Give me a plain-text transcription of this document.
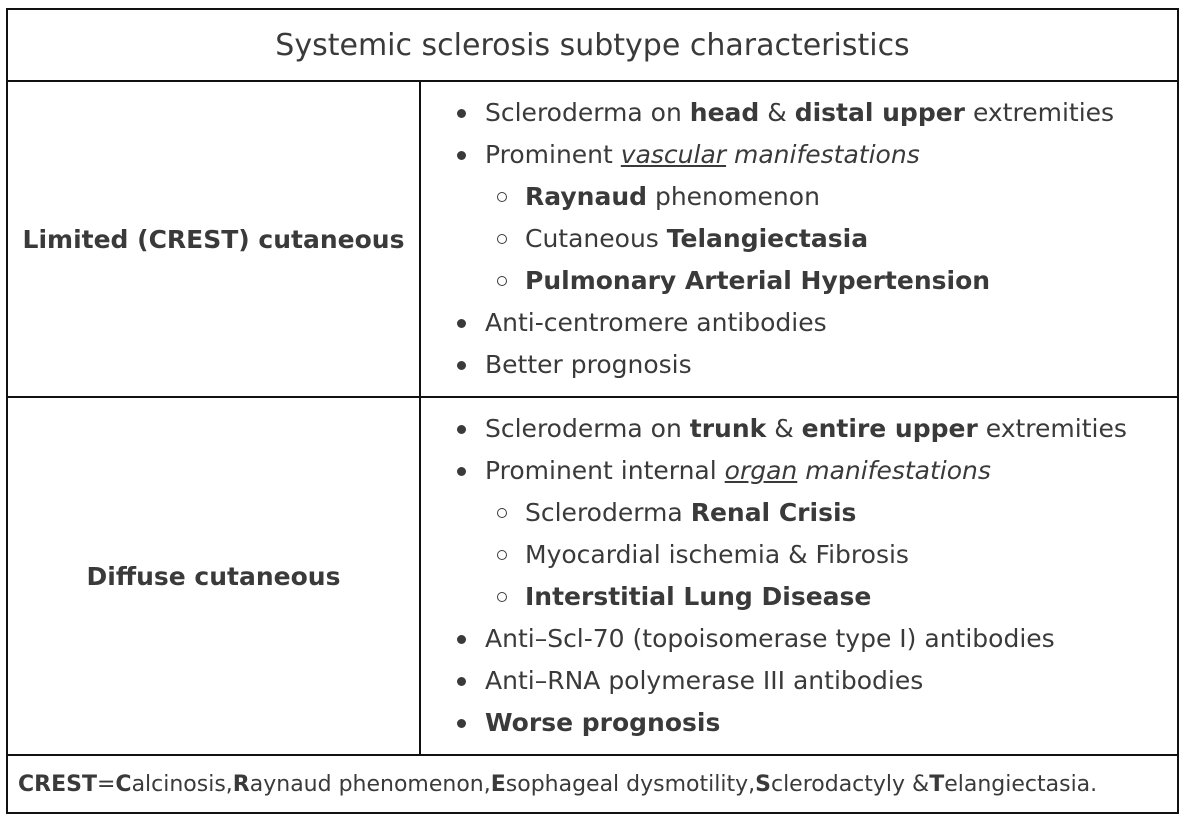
Systemic sclerosis subtype characteristics
Limited (CREST) cutaneous
Scleroderma on head & distal upper extremities
Prominent vascular manifestations
Raynaud phenomenon
Cutaneous Telangiectasia
Pulmonary Arterial Hypertension
Anti-centromere antibodies
Better prognosis
Diffuse cutaneous
Scleroderma on trunk & entire upper extremities
Prominent internal organ manifestations
Scleroderma Renal Crisis
Myocardial ischemia & Fibrosis
Interstitial Lung Disease
Anti–Scl-70 (topoisomerase type I) antibodies
Anti–RNA polymerase III antibodies
Worse prognosis
CREST = C alcinosis, R aynaud phenomenon, E sophageal dysmotility, S clerodactyly & T elangiectasia.
